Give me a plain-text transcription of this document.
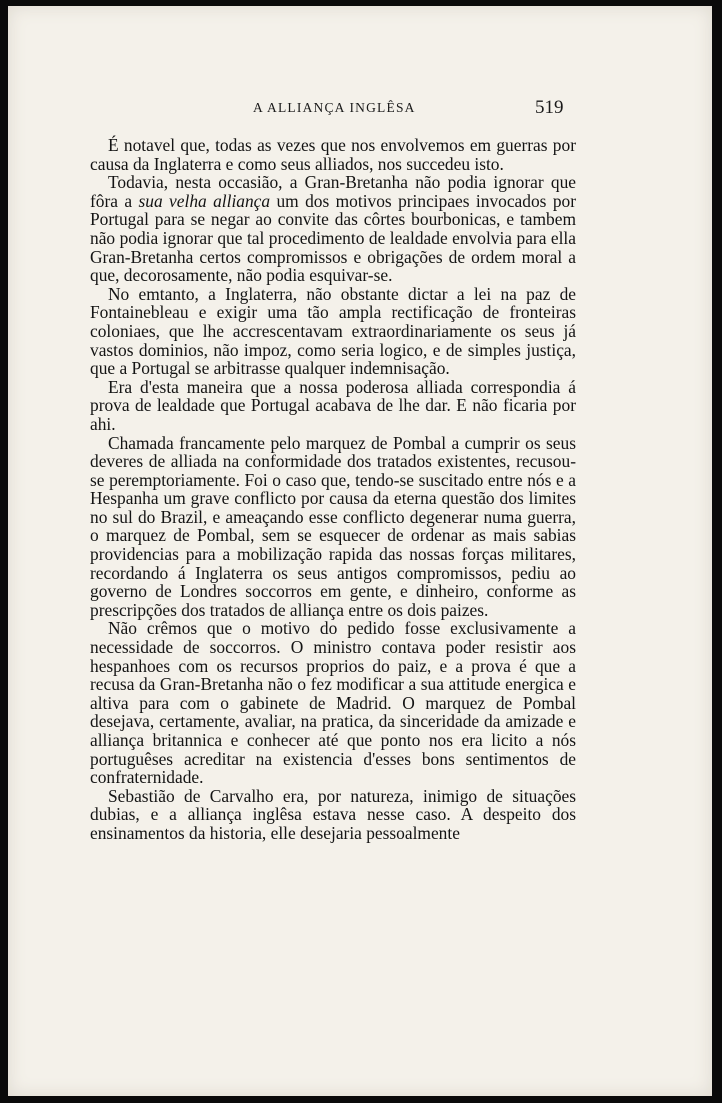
A ALLIANÇA INGLÊSA	519

É notavel que, todas as vezes que nos envolvemos em guerras por causa da Inglaterra e como seus alliados, nos succedeu isto.

Todavia, nesta occasião, a Gran-Bretanha não podia ignorar que fôra a sua velha alliança um dos motivos principaes invocados por Portugal para se negar ao convite das côrtes bourbonicas, e tambem não podia ignorar que tal procedimento de lealdade envolvia para ella Gran-Bretanha certos compromissos e obrigações de ordem moral a que, decorosamente, não podia esquivar-se.

No emtanto, a Inglaterra, não obstante dictar a lei na paz de Fontainebleau e exigir uma tão ampla rectificação de fronteiras coloniaes, que lhe accrescentavam extraordinariamente os seus já vastos dominios, não impoz, como seria logico, e de simples justiça, que a Portugal se arbitrasse qualquer indemnisação.

Era d'esta maneira que a nossa poderosa alliada correspondia á prova de lealdade que Portugal acabava de lhe dar. E não ficaria por ahi.

Chamada francamente pelo marquez de Pombal a cumprir os seus deveres de alliada na conformidade dos tratados existentes, recusou-se peremptoriamente. Foi o caso que, tendo-se suscitado entre nós e a Hespanha um grave conflicto por causa da eterna questão dos limites no sul do Brazil, e ameaçando esse conflicto degenerar numa guerra, o marquez de Pombal, sem se esquecer de ordenar as mais sabias providencias para a mobilização rapida das nossas forças militares, recordando á Inglaterra os seus antigos compromissos, pediu ao governo de Londres soccorros em gente, e dinheiro, conforme as prescripções dos tratados de alliança entre os dois paizes.

Não crêmos que o motivo do pedido fosse exclusivamente a necessidade de soccorros. O ministro contava poder resistir aos hespanhoes com os recursos proprios do paiz, e a prova é que a recusa da Gran-Bretanha não o fez modificar a sua attitude energica e altiva para com o gabinete de Madrid. O marquez de Pombal desejava, certamente, avaliar, na pratica, da sinceridade da amizade e alliança britannica e conhecer até que ponto nos era licito a nós portuguêses acreditar na existencia d'esses bons sentimentos de confraternidade.

Sebastião de Carvalho era, por natureza, inimigo de situações dubias, e a alliança inglêsa estava nesse caso. A despeito dos ensinamentos da historia, elle desejaria pessoalmente
